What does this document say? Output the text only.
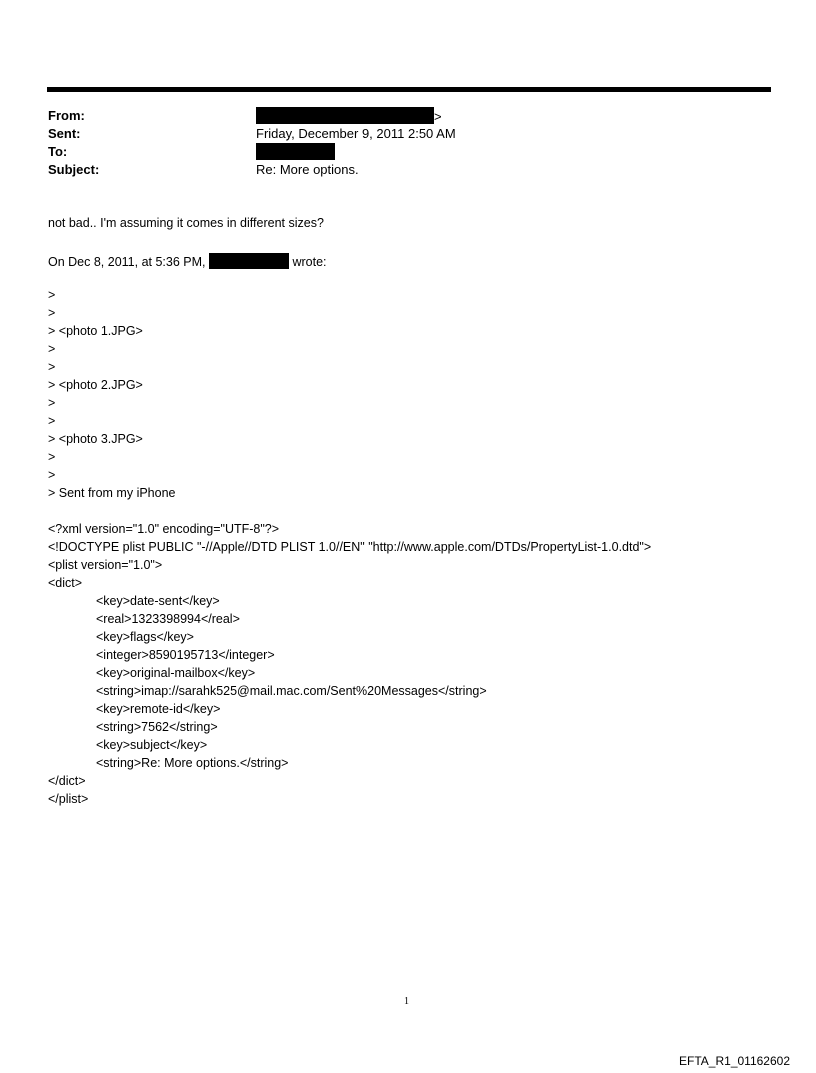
From:	>
Sent:	Friday, December 9, 2011 2:50 AM
To:
Subject:	Re: More options.
not bad.. I'm assuming it comes in different sizes?
On Dec 8, 2011, at 5:36 PM,	wrote:
>
>
> <photo 1.JPG>
>
>
> <photo 2.JPG>
>
>
> <photo 3.JPG>
>
>
> Sent from my iPhone
<?xml version="1.0" encoding="UTF-8"?>
<!DOCTYPE plist PUBLIC "-//Apple//DTD PLIST 1.0//EN" "http://www.apple.com/DTDs/PropertyList-1.0.dtd">
<plist version="1.0">
<dict>
<key>date-sent</key>
<real>1323398994</real>
<key>flags</key>
<integer>8590195713</integer>
<key>original-mailbox</key>
<string>imap://sarahk525@mail.mac.com/Sent%20Messages</string>
<key>remote-id</key>
<string>7562</string>
<key>subject</key>
<string>Re: More options.</string>
</dict>
</plist>
1
EFTA_R1_01162602
